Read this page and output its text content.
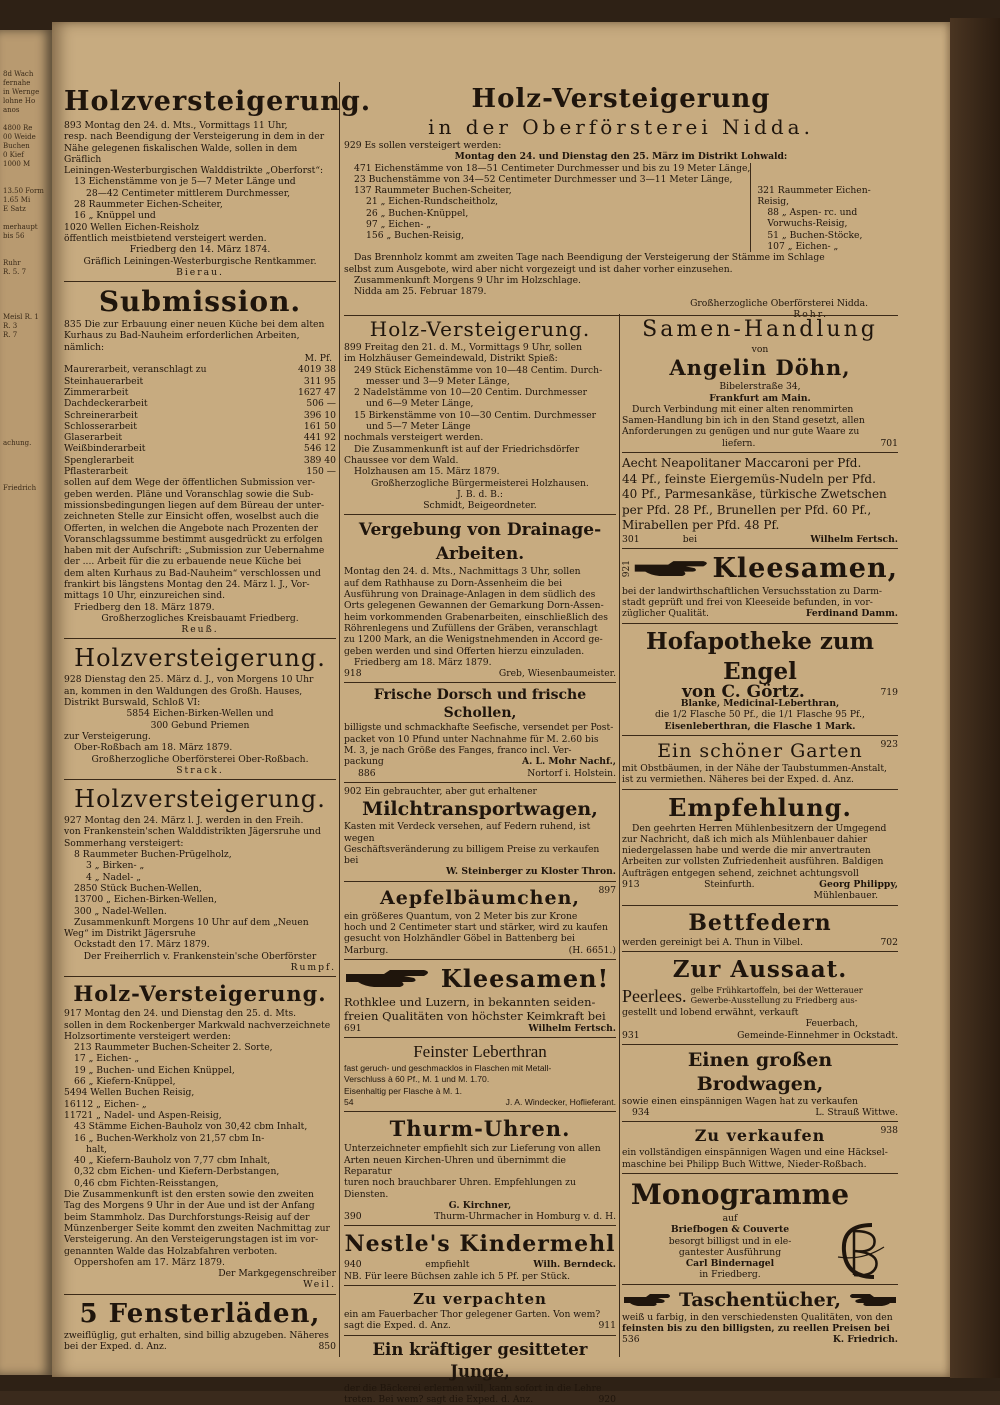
8d Wach
fernahe
in Wernge
lohne Ho
anos

4800 Re
00 Weide
Buchen
0 Kief
1000 M

13.50 Form
1.65 Mi
E Satz

merhaupt
bis 56

Ruhr
R. 5. 7

Meisl R. 1
R. 3
R. 7

achung.

Friedrich
Holzversteigerung.

893 Montag den 24. d. Mts., Vormittags 11 Uhr,

resp. nach Beendigung der Versteigerung in dem in der

Nähe gelegenen fiskalischen Walde, sollen in dem Gräflich

Leiningen-Westerburgischen Walddistrikte „Oberforst“:

13 Eichenstämme von je 5—7 Meter Länge und

28—42 Centimeter mittlerem Durchmesser,

28 Raummeter Eichen-Scheiter,

16 „ Knüppel und

1020 Wellen Eichen-Reisholz

öffentlich meistbietend versteigert werden.

Friedberg den 14. März 1874.

Gräflich Leiningen-Westerburgische Rentkammer.

Bierau.

Submission.

835 Die zur Erbauung einer neuen Küche bei dem alten

Kurhaus zu Bad-Nauheim erforderlichen Arbeiten,

nämlich:

M. Pf.

Maurerarbeit, veranschlagt zu	4019 38
Steinhauerarbeit	311 95
Zimmerarbeit	1627 47
Dachdeckerarbeit	506 —
Schreinerarbeit	396 10
Schlosserarbeit	161 50
Glaserarbeit	441 92
Weißbinderarbeit	546 12
Spenglerarbeit	389 40
Pflasterarbeit	150 —

sollen auf dem Wege der öffentlichen Submission ver-

geben werden. Pläne und Voranschlag sowie die Sub-

missionsbedingungen liegen auf dem Büreau der unter-

zeichneten Stelle zur Einsicht offen, woselbst auch die

Offerten, in welchen die Angebote nach Prozenten der

Voranschlagssumme bestimmt ausgedrückt zu erfolgen

haben mit der Aufschrift: „Submission zur Uebernahme

der .... Arbeit für die zu erbauende neue Küche bei

dem alten Kurhaus zu Bad-Nauheim“ verschlossen und

frankirt bis längstens Montag den 24. März l. J., Vor-

mittags 10 Uhr, einzureichen sind.

Friedberg den 18. März 1879.

Großherzogliches Kreisbauamt Friedberg.

Reuß.

Holzversteigerung.

928 Dienstag den 25. März d. J., von Morgens 10 Uhr

an, kommen in den Waldungen des Großh. Hauses,

Distrikt Burswald, Schloß VI:

5854 Eichen-Birken-Wellen und

300 Gebund Priemen

zur Versteigerung.

Ober-Roßbach am 18. März 1879.

Großherzogliche Oberförsterei Ober-Roßbach.

Strack.

Holzversteigerung.

927 Montag den 24. März l. J. werden in den Freih.

von Frankenstein'schen Walddistrikten Jägersruhe und

Sommerhang versteigert:

8 Raummeter Buchen-Prügelholz,

3 „ Birken- „

4 „ Nadel- „

2850 Stück Buchen-Wellen,

13700 „ Eichen-Birken-Wellen,

300 „ Nadel-Wellen.

Zusammenkunft Morgens 10 Uhr auf dem „Neuen

Weg“ im Distrikt Jägersruhe

Ockstadt den 17. März 1879.

Der Freiherrlich v. Frankenstein'sche Oberförster

Rumpf.

Holz-Versteigerung.

917 Montag den 24. und Dienstag den 25. d. Mts.

sollen in dem Rockenberger Markwald nachverzeichnete

Holzsortimente versteigert werden:

213 Raummeter Buchen-Scheiter 2. Sorte,

17 „ Eichen- „

19 „ Buchen- und Eichen Knüppel,

66 „ Kiefern-Knüppel,

5494 Wellen Buchen Reisig,

16112 „ Eichen- „

11721 „ Nadel- und Aspen-Reisig,

43 Stämme Eichen-Bauholz von 30,42 cbm Inhalt,

16 „ Buchen-Werkholz von 21,57 cbm In-

halt,

40 „ Kiefern-Bauholz von 7,77 cbm Inhalt,

0,32 cbm Eichen- und Kiefern-Derbstangen,

0,46 cbm Fichten-Reisstangen,

Die Zusammenkunft ist den ersten sowie den zweiten

Tag des Morgens 9 Uhr in der Aue und ist der Anfang

beim Stammholz. Das Durchforstungs-Reisig auf der

Münzenberger Seite kommt den zweiten Nachmittag zur

Versteigerung. An den Versteigerungstagen ist im vor-

genannten Walde das Holzabfahren verboten.

Oppershofen am 17. März 1879.

Der Markgegenschreiber

Weil.

5 Fensterläden,

zweiflüglig, gut erhalten, sind billig abzugeben. Näheres

bei der Exped. d. Anz.	850
Holz-Versteigerung
in der Oberförsterei Nidda.

929 Es sollen versteigert werden:

Montag den 24. und Dienstag den 25. März im Distrikt Lohwald:

471 Eichenstämme von 18—51 Centimeter Durchmesser und bis zu 19 Meter Länge,

23 Buchenstämme von 34—52 Centimeter Durchmesser und 3—11 Meter Länge,

137 Raummeter Buchen-Scheiter,

21 „ Eichen-Rundscheitholz,

26 „ Buchen-Knüppel,

97 „ Eichen- „

156 „ Buchen-Reisig,

321 Raummeter Eichen-Reisig,

88 „ Aspen- rc. und Vorwuchs-Reisig,

51 „ Buchen-Stöcke,

107 „ Eichen- „

Das Brennholz kommt am zweiten Tage nach Beendigung der Versteigerung der Stämme im Schlage

selbst zum Ausgebote, wird aber nicht vorgezeigt und ist daher vorher einzusehen.

Zusammenkunft Morgens 9 Uhr im Holzschlage.

Nidda am 25. Februar 1879.

Großherzogliche Oberförsterei Nidda.

Rohr.

Holz-Versteigerung.

899 Freitag den 21. d. M., Vormittags 9 Uhr, sollen

im Holzhäuser Gemeindewald, Distrikt Spieß:

249 Stück Eichenstämme von 10—48 Centim. Durch-

messer und 3—9 Meter Länge,

2 Nadelstämme von 10—20 Centim. Durchmesser

und 6—9 Meter Länge,

15 Birkenstämme von 10—30 Centim. Durchmesser

und 5—7 Meter Länge

nochmals versteigert werden.

Die Zusammenkunft ist auf der Friedrichsdörfer

Chaussee vor dem Wald.

Holzhausen am 15. März 1879.

Großherzogliche Bürgermeisterei Holzhausen.

J. B. d. B.:

Schmidt, Beigeordneter.

Vergebung von Drainage-Arbeiten.

Montag den 24. d. Mts., Nachmittags 3 Uhr, sollen

auf dem Rathhause zu Dorn-Assenheim die bei

Ausführung von Drainage-Anlagen in dem südlich des

Orts gelegenen Gewannen der Gemarkung Dorn-Assen-

heim vorkommenden Grabenarbeiten, einschließlich des

Röhrenlegens und Zufüllens der Gräben, veranschlagt

zu 1200 Mark, an die Wenigstnehmenden in Accord ge-

geben werden und sind Offerten hierzu einzuladen.

Friedberg am 18. März 1879.

918	Greb, Wiesenbaumeister.
Frische Dorsch und frische Schollen,

billigste und schmackhafte Seefische, versendet per Post-

packet von 10 Pfund unter Nachnahme für M. 2.60 bis

M. 3, je nach Größe des Fanges, franco incl. Ver-

packung	A. L. Mohr Nachf.,
886	Nortorf i. Holstein.

902 Ein gebrauchter, aber gut erhaltener

Milchtransportwagen,

Kasten mit Verdeck versehen, auf Federn ruhend, ist wegen

Geschäftsveränderung zu billigem Preise zu verkaufen bei

W. Steinberger zu Kloster Thron.

897
Aepfelbäumchen,

ein größeres Quantum, von 2 Meter bis zur Krone

hoch und 2 Centimeter start und stärker, wird zu kaufen

gesucht von Holzhändler Göbel in Battenberg bei

Marburg.	(H. 6651.)
Kleesamen!

Rothklee und Luzern, in bekannten seiden-

freien Qualitäten von höchster Keimkraft bei

691	Wilhelm Fertsch.
Feinster Leberthran

fast geruch- und geschmacklos in Flaschen mit Metall-

Verschluss à 60 Pf., M. 1 und M. 1.70.

Eisenhaltig per Flasche à M. 1.

54	J. A. Windecker, Hoflieferant.
Thurm-Uhren.

Unterzeichneter empfiehlt sich zur Lieferung von allen

Arten neuen Kirchen-Uhren und übernimmt die Reparatur

turen noch brauchbarer Uhren. Empfehlungen zu Diensten.

G. Kirchner,

390	Thurm-Uhrmacher in Homburg v. d. H.
Nestle's Kindermehl
940	empfiehlt	Wilh. Berndeck.

NB. Für leere Büchsen zahle ich 5 Pf. per Stück.

Zu verpachten

ein am Fauerbacher Thor gelegener Garten. Von wem?

sagt die Exped. d. Anz.	911
Ein kräftiger gesitteter Junge,

der die Bäckerei erlernen will, kann sofort in die Lehre

treten. Bei wem? sagt die Exped. d. Anz.	920
Samen-Handlung

von

Angelin Döhn,

Bibelerstraße 34,

Frankfurt am Main.

Durch Verbindung mit einer alten renommirten

Samen-Handlung bin ich in den Stand gesetzt, allen

Anforderungen zu genügen und nur gute Waare zu

liefern.	701

Aecht Neapolitaner Maccaroni per Pfd.

44 Pf., feinste Eiergemüs-Nudeln per Pfd.

40 Pf., Parmesankäse, türkische Zwetschen

per Pfd. 28 Pf., Brunellen per Pfd. 60 Pf.,

Mirabellen per Pfd. 48 Pf.

301	bei	Wilhelm Fertsch.
921	Kleesamen,

bei der landwirthschaftlichen Versuchsstation zu Darm-

stadt geprüft und frei von Kleeseide befunden, in vor-

züglicher Qualität.	Ferdinand Damm.
Hofapotheke zum Engel
von C. Görtz.	719

Blanke, Medicinal-Leberthran,

die 1/2 Flasche 50 Pf., die 1/1 Flasche 95 Pf.,

Eisenleberthran, die Flasche 1 Mark.

923
Ein schöner Garten

mit Obstbäumen, in der Nähe der Taubstummen-Anstalt,

ist zu vermiethen. Näheres bei der Exped. d. Anz.

Empfehlung.

Den geehrten Herren Mühlenbesitzern der Umgegend

zur Nachricht, daß ich mich als Mühlenbauer dahier

niedergelassen habe und werde die mir anvertrauten

Arbeiten zur vollsten Zufriedenheit ausführen. Baldigen

Aufträgen entgegen sehend, zeichnet achtungsvoll

913	Steinfurth.	Georg Philippy,

Mühlenbauer.

Bettfedern
werden gereinigt bei A. Thun in Vilbel.	702
Zur Aussaat.
Peerlees. gelbe Frühkartoffeln, bei der Wetterauer

Gewerbe-Ausstellung zu Friedberg aus-

gestellt und lobend erwähnt, verkauft

Feuerbach,

931	Gemeinde-Einnehmer in Ockstadt.
Einen großen Brodwagen,

sowie einen einspännigen Wagen hat zu verkaufen

934	L. Strauß Wittwe.
938
Zu verkaufen

ein vollständigen einspännigen Wagen und eine Häcksel-

maschine bei Philipp Buch Wittwe, Nieder-Roßbach.

Monogramme

auf

Briefbogen & Couverte

besorgt billigst und in ele-

gantester Ausführung

Carl Bindernagel

in Friedberg.

Taschentücher,

weiß u farbig, in den verschiedensten Qualitäten, von den

feinsten bis zu den billigsten, zu reellen Preisen bei

536	K. Friedrich.
